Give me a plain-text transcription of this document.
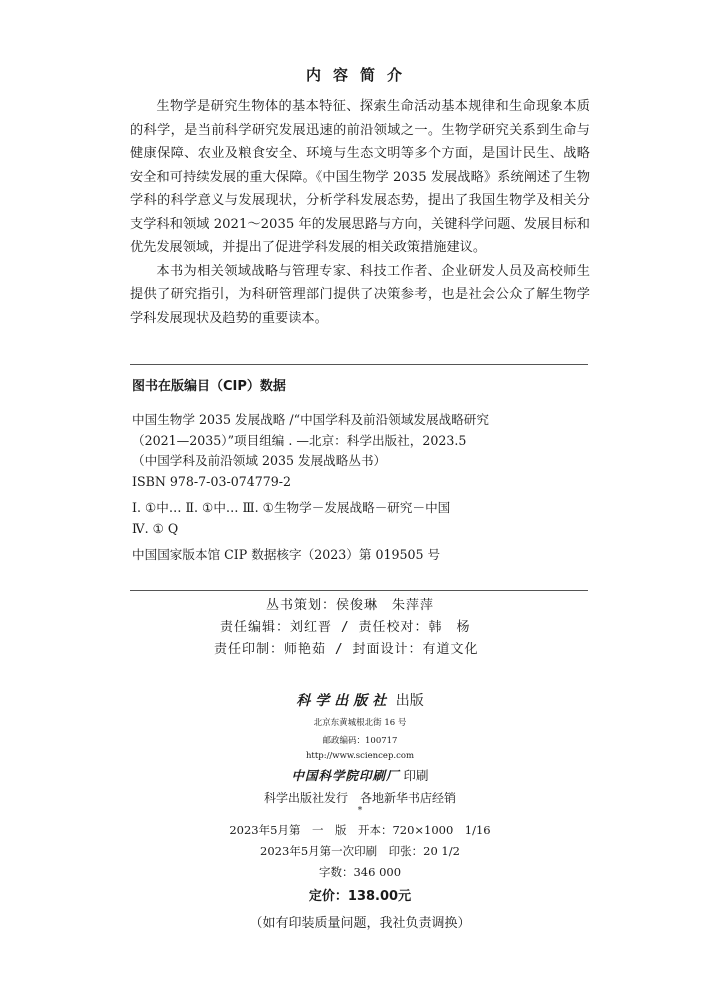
内容简介

生物学是研究生物体的基本特征、探索生命活动基本规律和生命现象本质的科学，是当前科学研究发展迅速的前沿领域之一。生物学研究关系到生命与健康保障、农业及粮食安全、环境与生态文明等多个方面，是国计民生、战略安全和可持续发展的重大保障。《中国生物学 2035 发展战略》系统阐述了生物学科的科学意义与发展现状，分析学科发展态势，提出了我国生物学及相关分支学科和领域 2021～2035 年的发展思路与方向，关键科学问题、发展目标和优先发展领域，并提出了促进学科发展的相关政策措施建议。

本书为相关领域战略与管理专家、科技工作者、企业研发人员及高校师生提供了研究指引，为科研管理部门提供了决策参考，也是社会公众了解生物学学科发展现状及趋势的重要读本。

图书在版编目（CIP）数据
中国生物学 2035 发展战略 /“中国学科及前沿领域发展战略研究
（2021—2035）”项目组编 . —北京：科学出版社，2023.5
（中国学科及前沿领域 2035 发展战略丛书）
ISBN 978-7-03-074779-2
Ⅰ. ①中… Ⅱ. ①中… Ⅲ. ①生物学－发展战略－研究－中国
Ⅳ. ① Q
中国国家版本馆 CIP 数据核字（2023）第 019505 号
丛书策划：侯俊琳　朱萍萍
责任编辑：刘红晋 / 责任校对：韩　杨
责任印制：师艳茹 / 封面设计：有道文化
科学出版社 出版
北京东黄城根北街 16 号
邮政编码：100717
http://www.sciencep.com
中国科学院印刷厂 印刷
科学出版社发行　各地新华书店经销
*
2023年5月第　一　版　开本：720×1000　1/16
2023年5月第一次印刷　印张：20 1/2
字数：346 000
定价：138.00元
（如有印装质量问题，我社负责调换）
